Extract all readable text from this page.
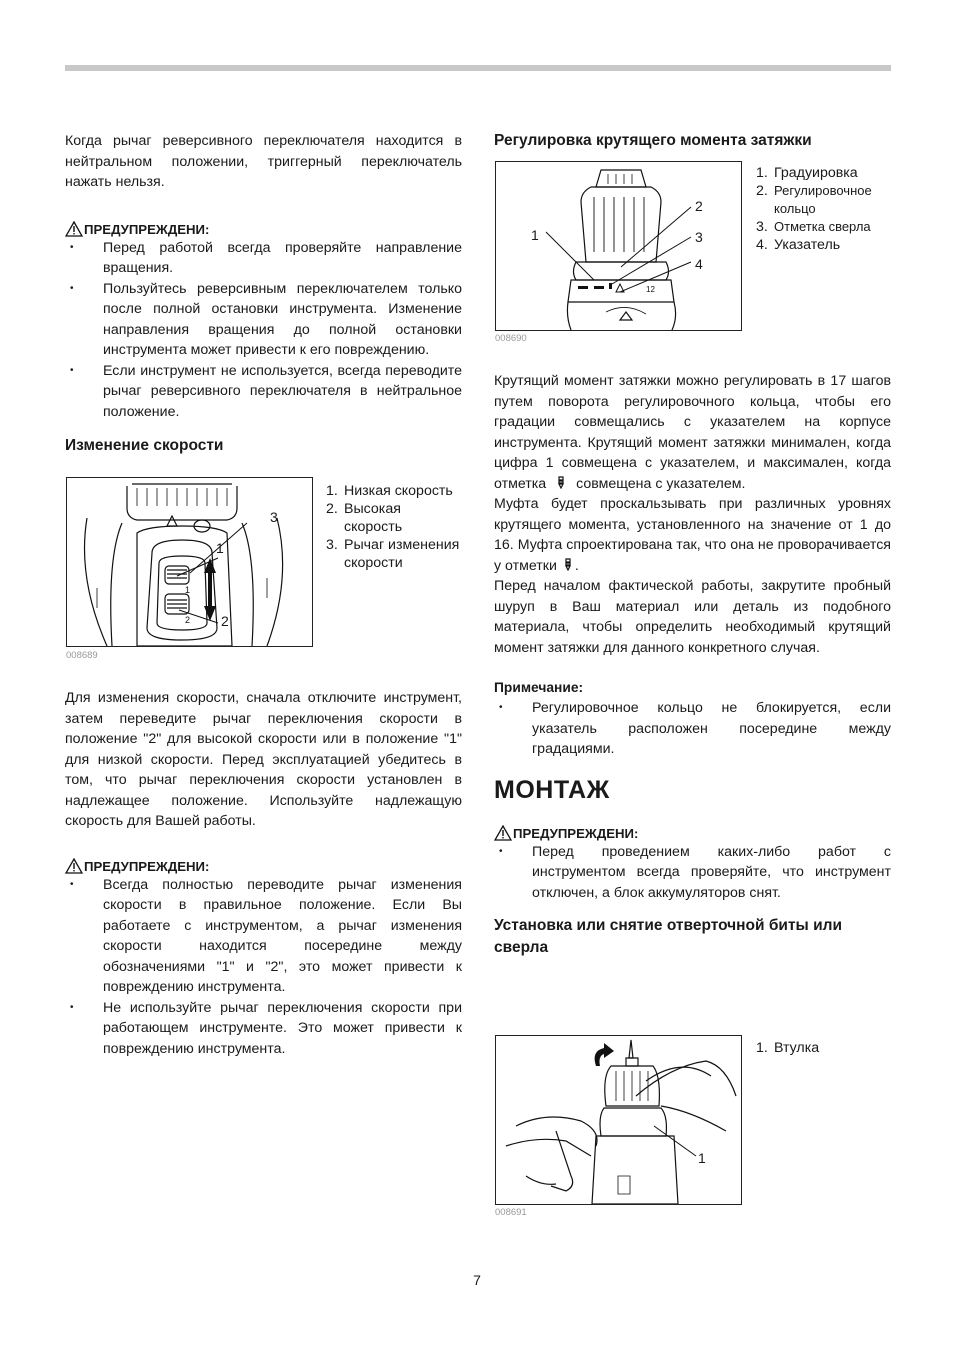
Когда рычаг реверсивного переключателя находится в нейтральном положении, триггерный переключатель нажать нельзя.

ПРЕДУПРЕЖДЕНИ:
• Перед работой всегда проверяйте направление вращения.
• Пользуйтесь реверсивным переключателем только после полной остановки инструмента. Изменение направления вращения до полной остановки инструмента может привести к его повреждению.
• Если инструмент не используется, всегда переводите рычаг реверсивного переключателя в нейтральное положение.
Изменение скорости
1
2
3
1
2
008689
1. Низкая скорость
2. Высокая скорость
3. Рычаг изменения скорости

Для изменения скорости, сначала отключите инструмент, затем переведите рычаг переключения скорости в положение "2" для высокой скорости или в положение "1" для низкой скорости. Перед эксплуатацией убедитесь в том, что рычаг переключения скорости установлен в надлежащее положение. Используйте надлежащую скорость для Вашей работы.

ПРЕДУПРЕЖДЕНИ:
• Всегда полностью переводите рычаг изменения скорости в правильное положение. Если Вы работаете с инструментом, а рычаг изменения скорости находится посередине между обозначениями "1" и "2", это может привести к повреждению инструмента.
• Не используйте рычаг переключения скорости при работающем инструменте. Это может привести к повреждению инструмента.
Регулировка крутящего момента затяжки
12
1
2
3
4
008690
1. Градуировка
2. Регулировочное кольцо
3. Отметка сверла
4. Указатель

Крутящий момент затяжки можно регулировать в 17 шагов путем поворота регулировочного кольца, чтобы его градации совмещались с указателем на корпусе инструмента. Крутящий момент затяжки минимален, когда цифра 1 совмещена с указателем, и максимален, когда отметка совмещена с указателем.

Муфта будет проскальзывать при различных уровнях крутящего момента, установленного на значение от 1 до 16. Муфта спроектирована так, что она не проворачивается у отметки .

Перед началом фактической работы, закрутите пробный шуруп в Ваш материал или деталь из подобного материала, чтобы определить необходимый крутящий момент затяжки для данного конкретного случая.

Примечание:
• Регулировочное кольцо не блокируется, если указатель расположен посередине между градациями.
МОНТАЖ
ПРЕДУПРЕЖДЕНИ:
• Перед проведением каких-либо работ с инструментом всегда проверяйте, что инструмент отключен, а блок аккумуляторов снят.
Установка или снятие отверточной биты или сверла
1
008691
1. Втулка
7
